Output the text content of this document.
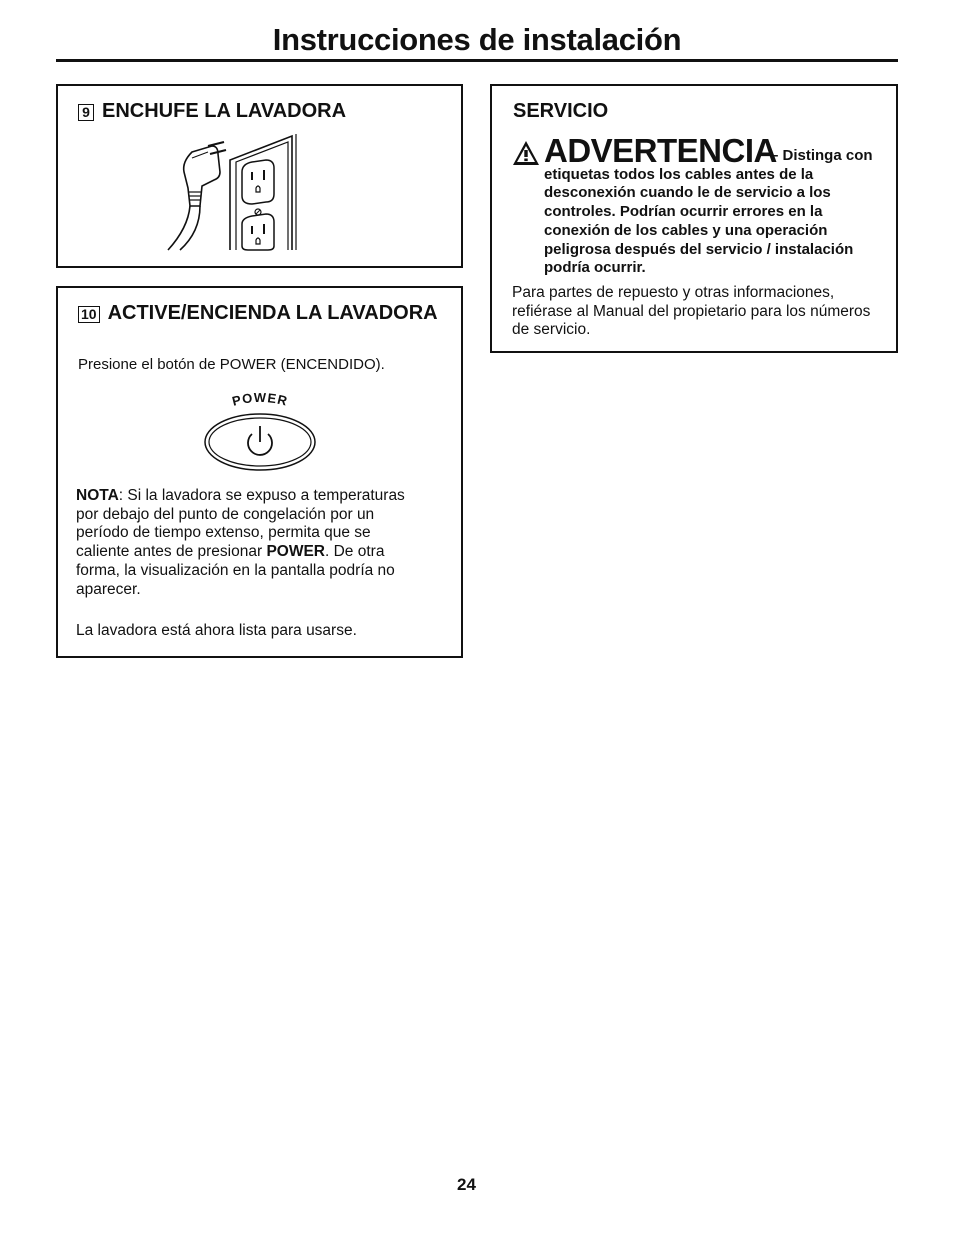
Instrucciones de instalación
9 ENCHUFE LA LAVADORA
10 ACTIVE/ENCIENDA LA LAVADORA
Presione el botón de POWER (ENCENDIDO).
POWER
NOTA: Si la lavadora se expuso a temperaturas por debajo del punto de congelación por un período de tiempo extenso, permita que se caliente antes de presionar POWER. De otra forma, la visualización en la pantalla podría no aparecer.
La lavadora está ahora lista para usarse.
SERVICIO
ADVERTENCIA
– Distinga con etiquetas todos los cables antes de la desconexión cuando le de servicio a los controles. Podrían ocurrir errores en la conexión de los cables y una operación peligrosa después del servicio / instalación podría ocurrir.
Para partes de repuesto y otras informaciones, refiérase al Manual del propietario para los números de servicio.
24
